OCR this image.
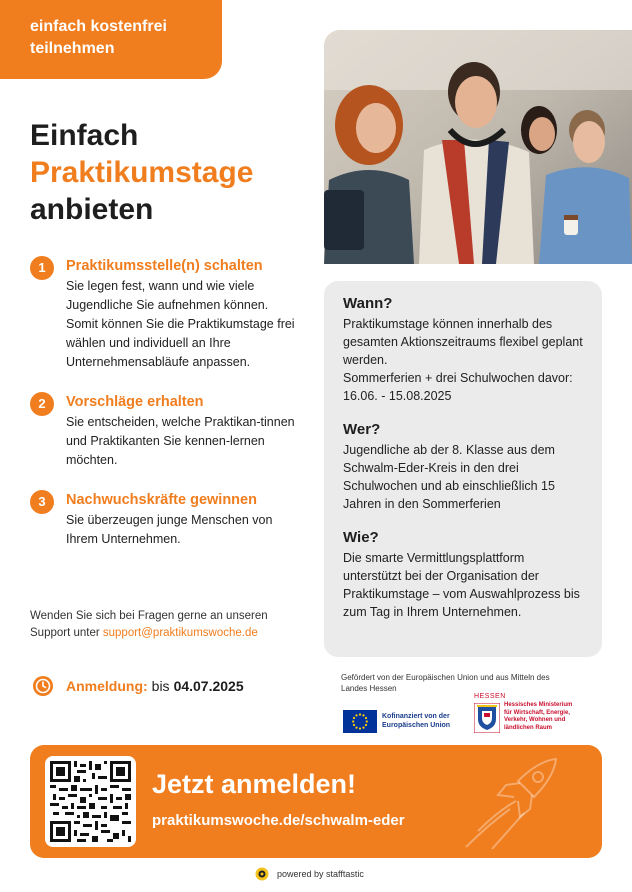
einfach kostenfrei
teilnehmen
Einfach
Praktikumstage
anbieten
1	Praktikumsstelle(n) schalten
Sie legen fest, wann und wie viele Jugendliche Sie aufnehmen können. Somit können Sie die Praktikumstage frei wählen und individuell an Ihre Unternehmensabläufe anpassen.
2	Vorschläge erhalten
Sie entscheiden, welche Praktikan-tinnen und Praktikanten Sie kennen-lernen möchten.
3	Nachwuchskräfte gewinnen
Sie überzeugen junge Menschen von Ihrem Unternehmen.
Wenden Sie sich bei Fragen gerne an unseren Support unter support@praktikumswoche.de
Anmeldung: bis 04.07.2025
Wann?

Praktikumstage können innerhalb des gesamten Aktionszeitraums flexibel geplant werden.

Sommerferien + drei Schulwochen davor: 16.06. - 15.08.2025

Wer?

Jugendliche ab der 8. Klasse aus dem Schwalm-Eder-Kreis in den drei Schulwochen und ab einschließlich 15 Jahren in den Sommerferien

Wie?

Die smarte Vermittlungsplattform unterstützt bei der Organisation der Praktikumstage – vom Auswahlprozess bis zum Tag in Ihrem Unternehmen.

Gefördert von der Europäischen Union und aus Mitteln des Landes Hessen
Kofinanziert von der Europäischen Union
HESSEN
Hessisches Ministerium für Wirtschaft, Energie, Verkehr, Wohnen und ländlichen Raum
Jetzt anmelden!
praktikumswoche.de/schwalm-eder
powered by stafftastic
